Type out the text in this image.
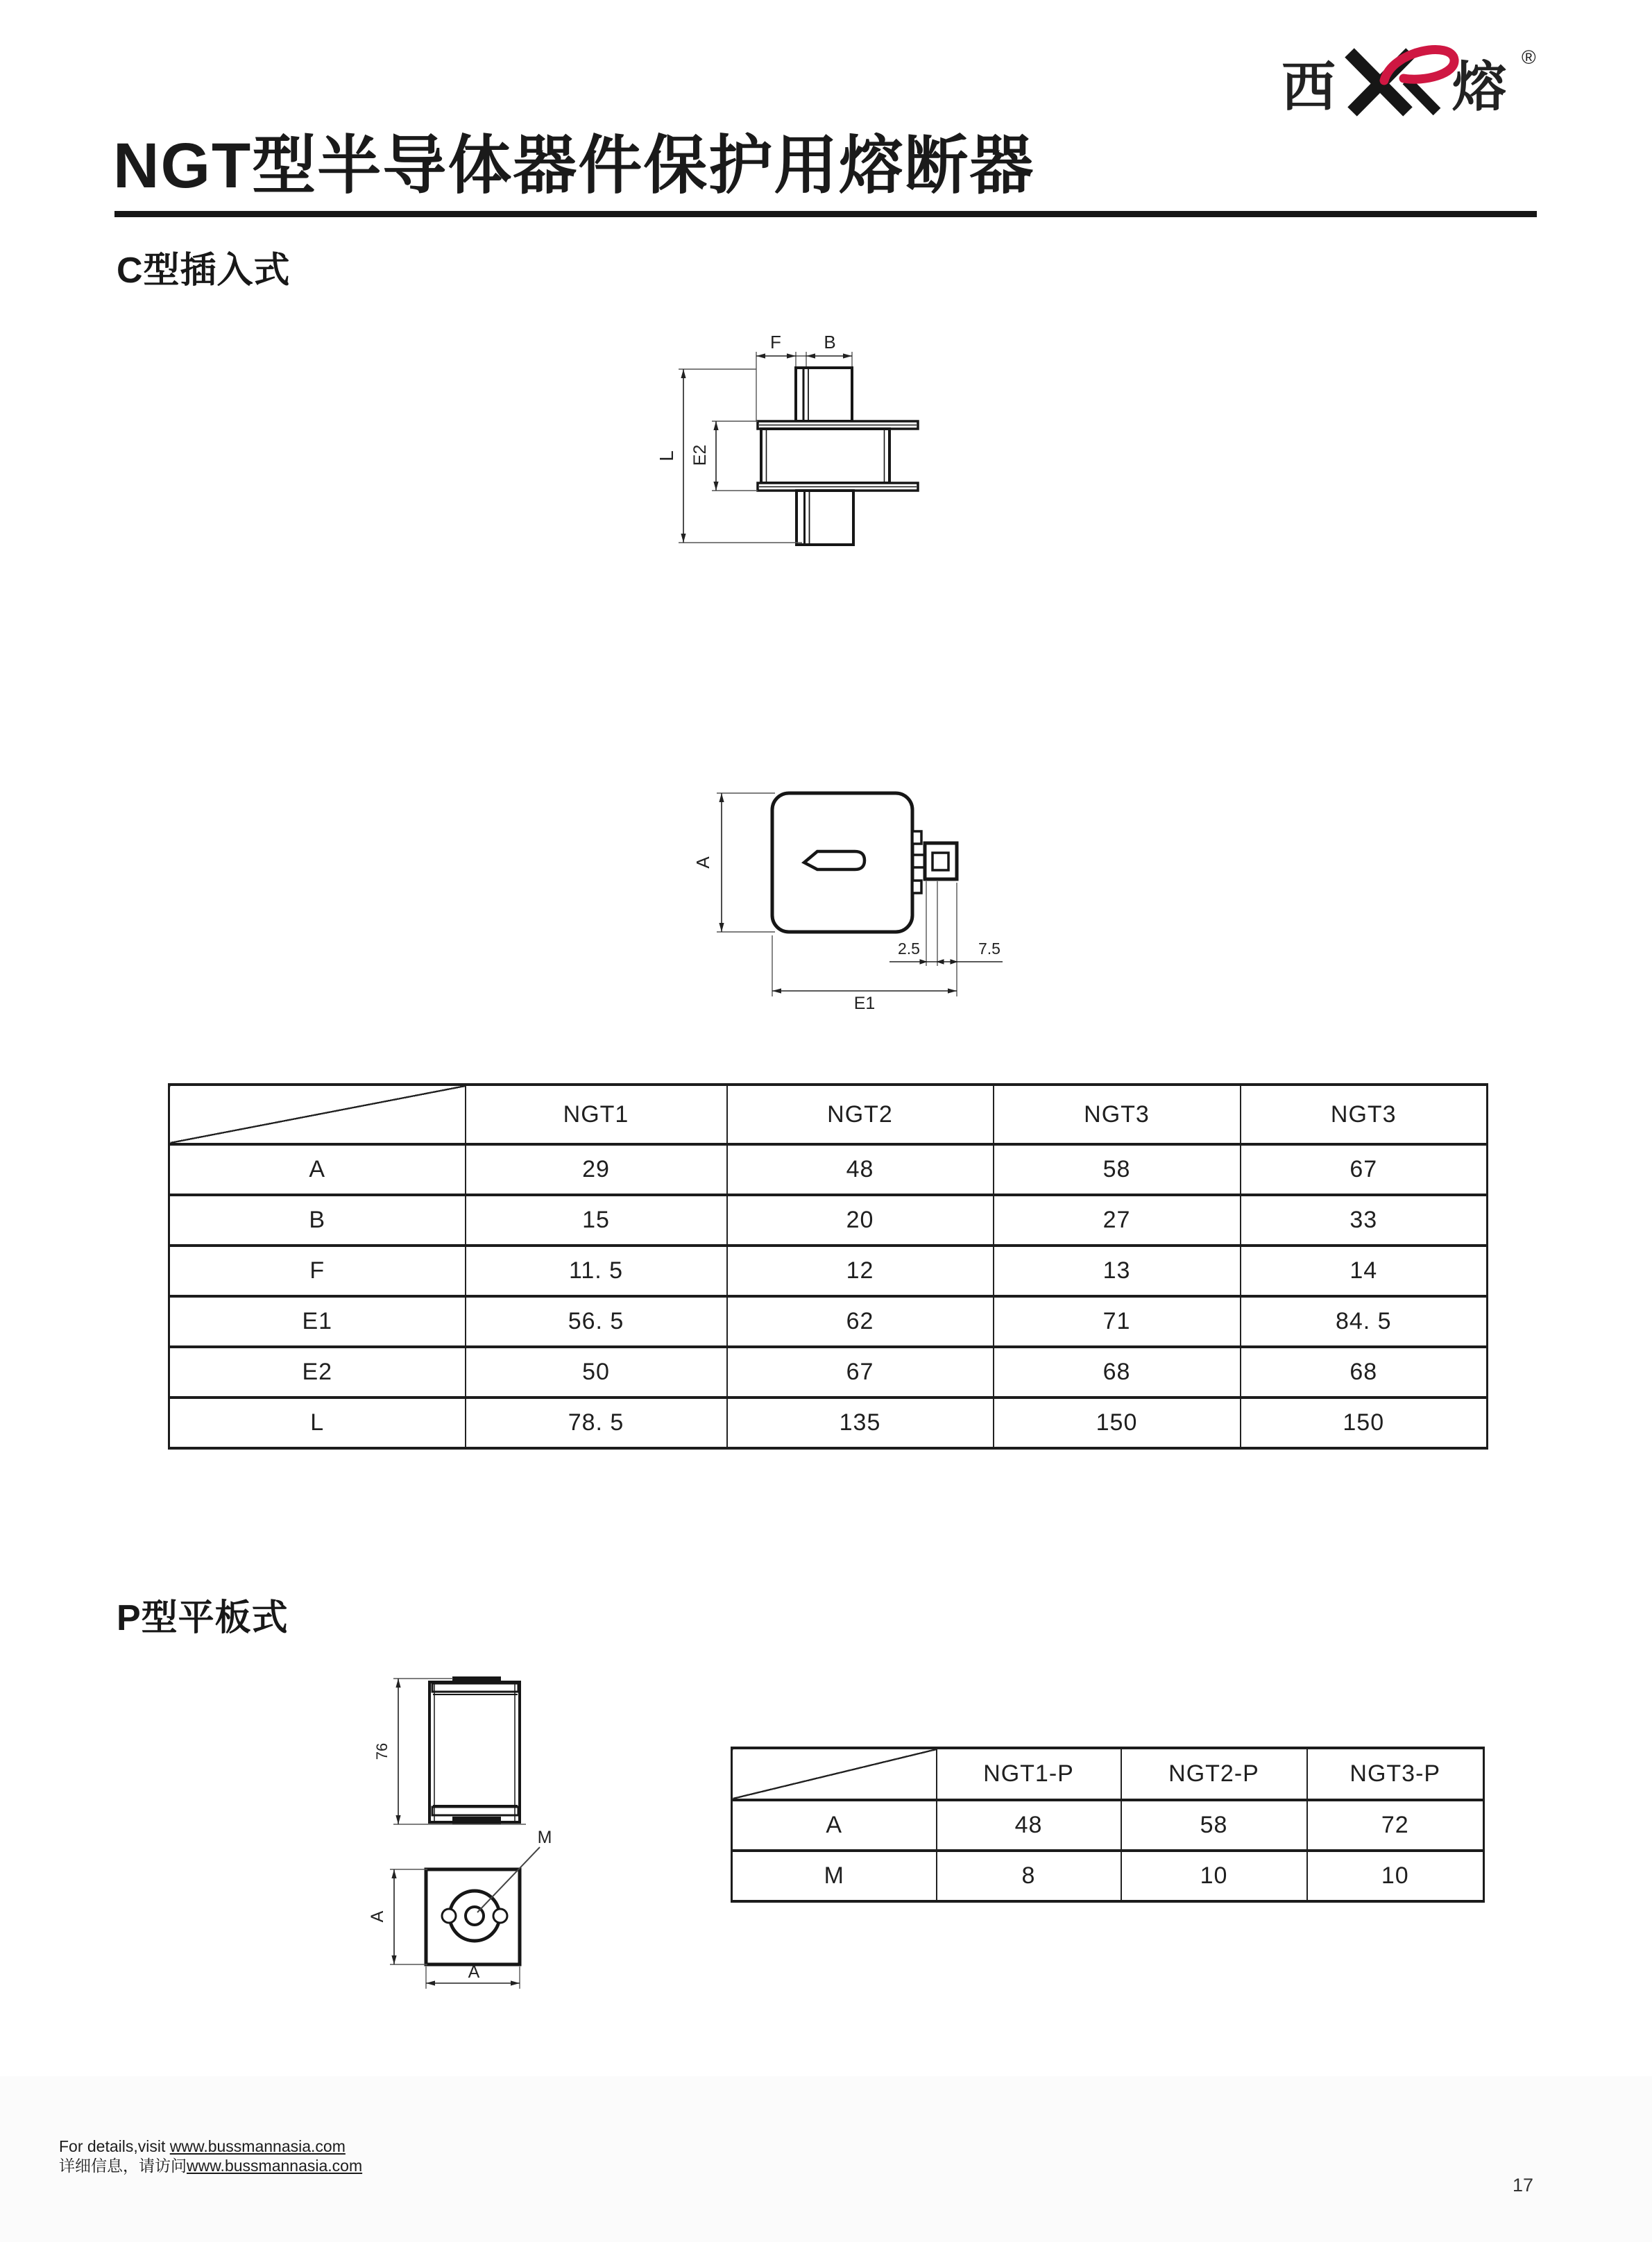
西 熔 ®
NGT型半导体器件保护用熔断器
C型插入式
F B
L E2
A
E1
2.5	7.5
	NGT1	NGT2	NGT3	NGT3
A	29	48	58	67
B	15	20	27	33
F	11. 5	12	13	14
E1	56. 5	62	71	84. 5
E2	50	67	68	68
L	78. 5	135	150	150
P型平板式
76
M
A
A
	NGT1-P	NGT2-P	NGT3-P
A	48	58	72
M	8	10	10
For details,visit www.bussmannasia.com
详细信息，请访问www.bussmannasia.com
17
